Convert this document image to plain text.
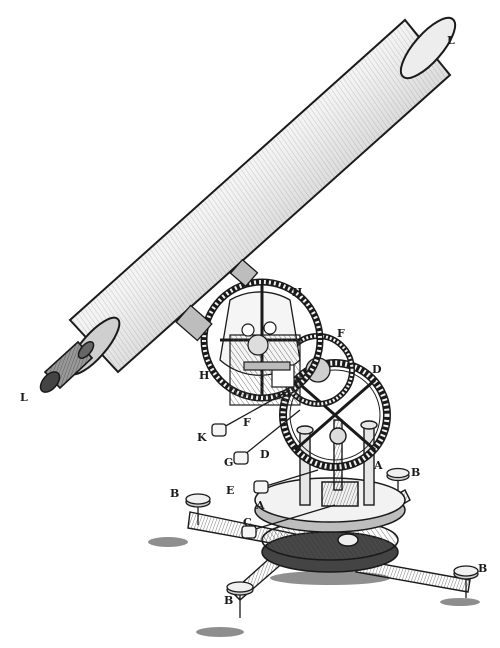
L
L
H
H
F
F
D
D
K
G
E
C
A
A
B
B
B
B
